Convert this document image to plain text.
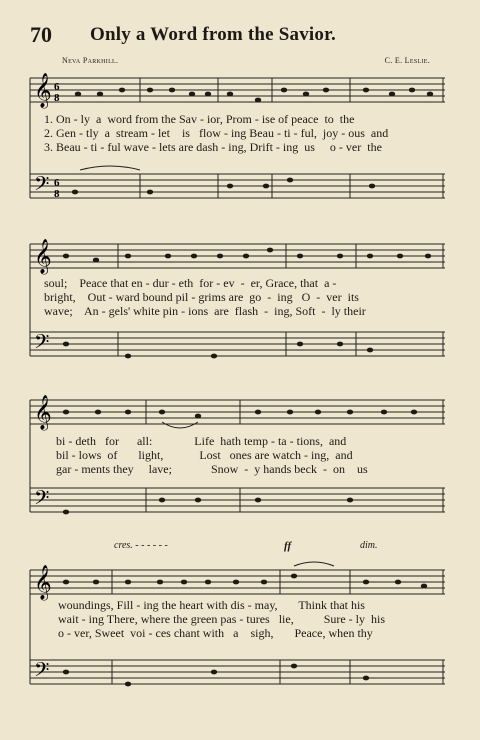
70 Only a Word from the Savior.
Neva Parkhill.	C. E. Leslie.
𝄞
𝄢
6
8
6
8
1. On - ly  a  word from the Sav - ior, Prom - ise of peace  to  the
2. Gen - tly  a  stream - let    is   flow - ing Beau - ti - ful,  joy - ous  and
3. Beau - ti - ful wave - lets are dash - ing, Drift - ing  us     o - ver  the
𝄞
𝄢
soul;    Peace that en - dur - eth  for - ev  -  er, Grace, that  a -
bright,    Out - ward bound pil - grims are  go  -  ing   O  -  ver  its
wave;    An - gels' white pin - ions  are  flash  -  ing, Soft  -  ly their
𝄞
𝄢
bi - deth   for      all:              Life  hath temp - ta - tions,  and
bil - lows  of       light,            Lost   ones are watch - ing,  and
gar - ments they     lave;             Snow  -  y hands beck  -  on    us
cres. - - - - - -	ff	dim.
𝄞
𝄢
woundings, Fill - ing the heart with dis - may,       Think that his
wait - ing There, where the green pas - tures   lie,          Sure - ly  his
o - ver, Sweet  voi - ces chant with   a    sigh,       Peace, when thy
